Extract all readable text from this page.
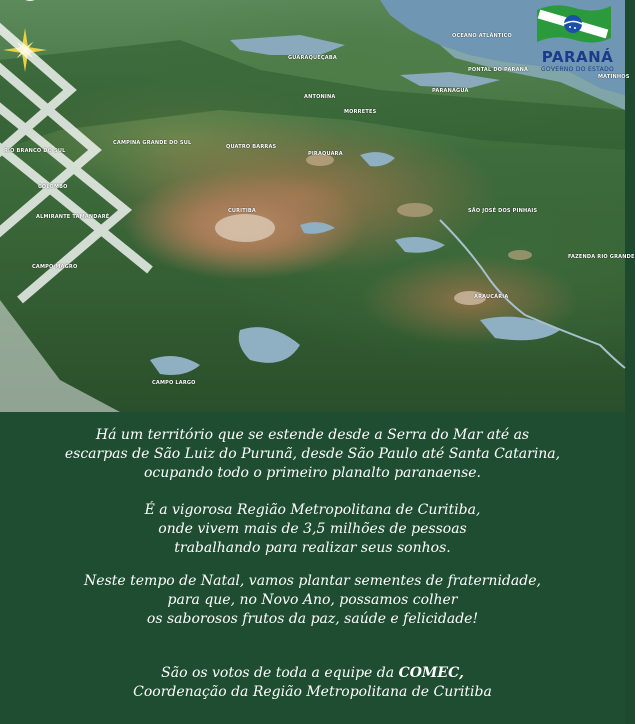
OCEANO ATLÂNTICO
GUARAQUEÇABA
PONTAL DO PARANÁ
MATINHOS
ANTONINA
PARANAGUÁ
MORRETES
CAMPINA GRANDE DO SUL
QUATRO BARRAS
PIRAQUARA
SÃO JOSÉ DOS PINHAIS
COLOMBO
CURITIBA
FAZENDA RIO GRANDE
CAMPO LARGO
CAMPO MAGRO
ALMIRANTE TAMANDARÉ
ARAUCÁRIA
RIO BRANCO DO SUL
PARANÁ
GOVERNO DO ESTADO
Há um território que se estende desde a Serra do Mar até as
escarpas de São Luiz do Purunã, desde São Paulo até Santa Catarina,
ocupando todo o primeiro planalto paranaense.
É a vigorosa Região Metropolitana de Curitiba,
onde vivem mais de 3,5 milhões de pessoas
trabalhando para realizar seus sonhos.
Neste tempo de Natal, vamos plantar sementes de fraternidade,
para que, no Novo Ano, possamos colher
os saborosos frutos da paz, saúde e felicidade!
São os votos de toda a equipe da COMEC,
Coordenação da Região Metropolitana de Curitiba
